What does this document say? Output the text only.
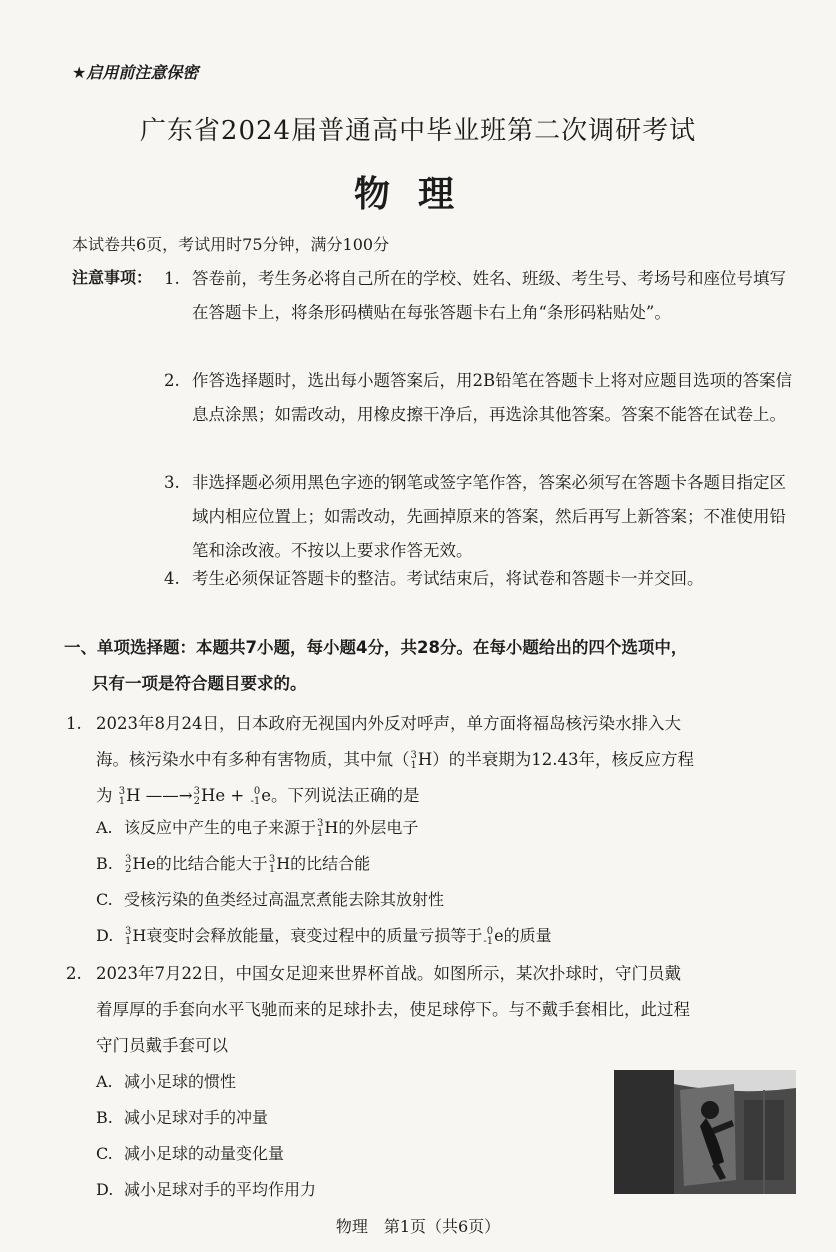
★启用前注意保密
广东省2024届普通高中毕业班第二次调研考试
物理
本试卷共6页，考试用时75分钟，满分100分
注意事项： 1. 答卷前，考生务必将自己所在的学校、姓名、班级、考生号、考场号和座位号填写在答题卡上，将条形码横贴在每张答题卡右上角“条形码粘贴处”。
2. 作答选择题时，选出每小题答案后，用2B铅笔在答题卡上将对应题目选项的答案信息点涂黑；如需改动，用橡皮擦干净后，再选涂其他答案。答案不能答在试卷上。
3. 非选择题必须用黑色字迹的钢笔或签字笔作答，答案必须写在答题卡各题目指定区域内相应位置上；如需改动，先画掉原来的答案，然后再写上新答案；不准使用铅笔和涂改液。不按以上要求作答无效。
4. 考生必须保证答题卡的整洁。考试结束后，将试卷和答题卡一并交回。
一、单项选择题：本题共7小题，每小题4分，共28分。在每小题给出的四个选项中，
只有一项是符合题目要求的。
1. 2023年8月24日，日本政府无视国内外反对呼声，单方面将福岛核污染水排入大
海。核污染水中有多种有害物质，其中氚（ 3
1 H）的半衰期为12.43年，核反应方程
为 3
1 H ——→ 3
2 He + 0
-1 e。下列说法正确的是
A. 该反应中产生的电子来源于 3
1 H的外层电子
B. 3
2 He的比结合能大于 3
1 H的比结合能
C. 受核污染的鱼类经过高温烹煮能去除其放射性
D. 3
1 H衰变时会释放能量，衰变过程中的质量亏损等于 0
-1 e的质量
2. 2023年7月22日，中国女足迎来世界杯首战。如图所示，某次扑球时，守门员戴
着厚厚的手套向水平飞驰而来的足球扑去，使足球停下。与不戴手套相比，此过程
守门员戴手套可以
A. 减小足球的惯性
B. 减小足球对手的冲量
C. 减小足球的动量变化量
D. 减小足球对手的平均作用力
物理　第1页（共6页）
